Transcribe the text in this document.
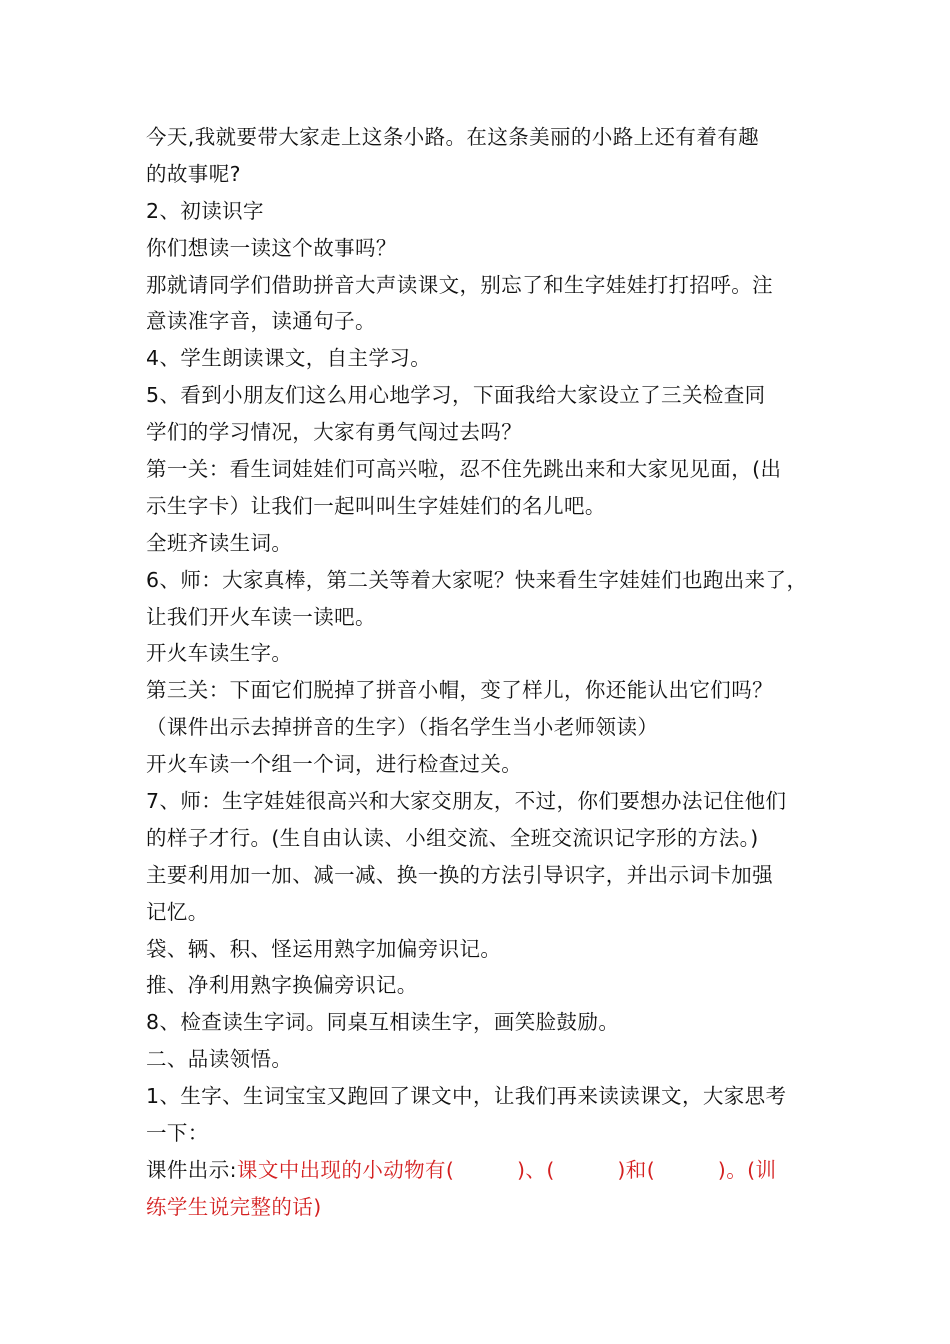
今天,我就要带大家走上这条小路。在这条美丽的小路上还有着有趣
的故事呢?
2、初读识字
你们想读一读这个故事吗？
那就请同学们借助拼音大声读课文，别忘了和生字娃娃打打招呼。注
意读准字音，读通句子。
4、学生朗读课文，自主学习。
5、看到小朋友们这么用心地学习，下面我给大家设立了三关检查同
学们的学习情况，大家有勇气闯过去吗？
第一关：看生词娃娃们可高兴啦，忍不住先跳出来和大家见见面，(出
示生字卡）让我们一起叫叫生字娃娃们的名儿吧。
全班齐读生词。
6、师：大家真棒，第二关等着大家呢？快来看生字娃娃们也跑出来了，
让我们开火车读一读吧。
开火车读生字。
第三关：下面它们脱掉了拼音小帽，变了样儿，你还能认出它们吗？
（课件出示去掉拼音的生字）（指名学生当小老师领读）
开火车读一个组一个词，进行检查过关。
7、师：生字娃娃很高兴和大家交朋友，不过，你们要想办法记住他们
的样子才行。(生自由认读、小组交流、全班交流识记字形的方法。)
主要利用加一加、减一减、换一换的方法引导识字，并出示词卡加强
记忆。
袋、辆、积、怪运用熟字加偏旁识记。
推、净利用熟字换偏旁识记。
8、检查读生字词。同桌互相读生字，画笑脸鼓励。
二、品读领悟。
1、生字、生词宝宝又跑回了课文中，让我们再来读读课文，大家思考
一下：
课件出示:课文中出现的小动物有(　　　)、(　　　)和(　　　)。(训
练学生说完整的话)
